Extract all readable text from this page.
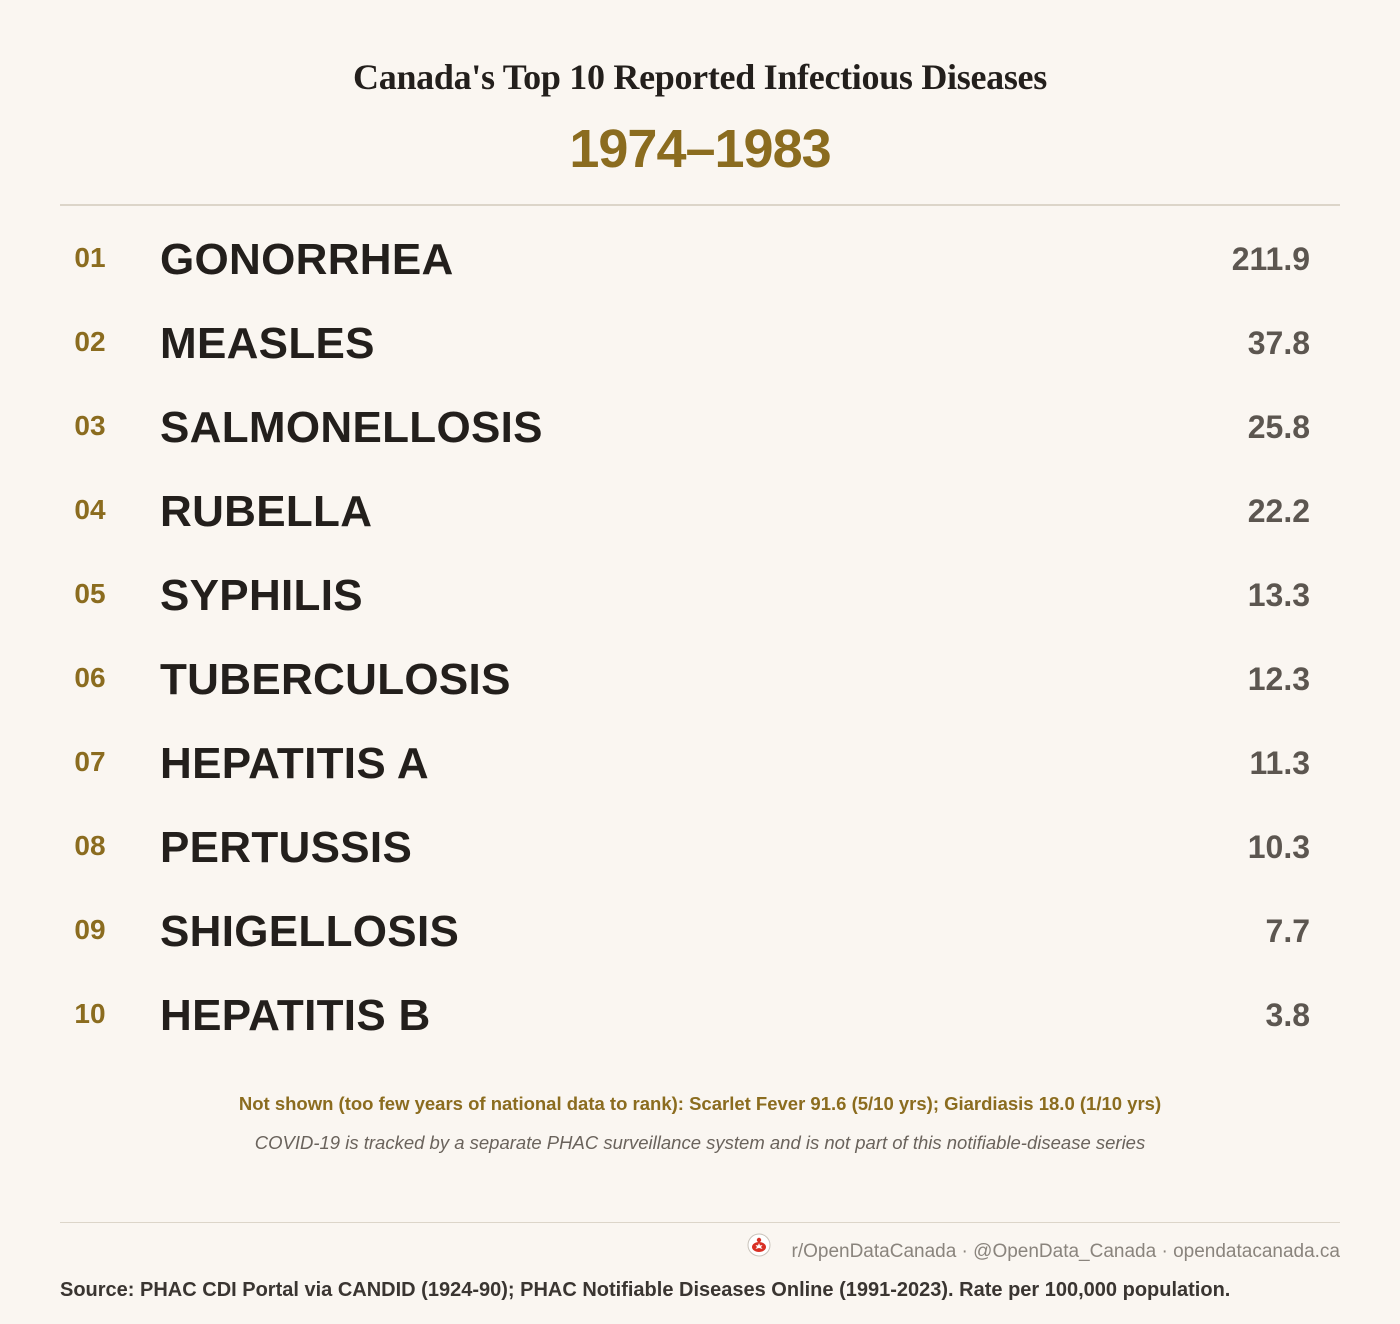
Canada's Top 10 Reported Infectious Diseases
1974–1983
01	GONORRHEA	211.9
02	MEASLES	37.8
03	SALMONELLOSIS	25.8
04	RUBELLA	22.2
05	SYPHILIS	13.3
06	TUBERCULOSIS	12.3
07	HEPATITIS A	11.3
08	PERTUSSIS	10.3
09	SHIGELLOSIS	7.7
10	HEPATITIS B	3.8
Not shown (too few years of national data to rank): Scarlet Fever 91.6 (5/10 yrs); Giardiasis 18.0 (1/10 yrs)
COVID-19 is tracked by a separate PHAC surveillance system and is not part of this notifiable-disease series
r/OpenDataCanada · @OpenData_Canada · opendatacanada.ca
Source: PHAC CDI Portal via CANDID (1924-90); PHAC Notifiable Diseases Online (1991-2023). Rate per 100,000 population.
